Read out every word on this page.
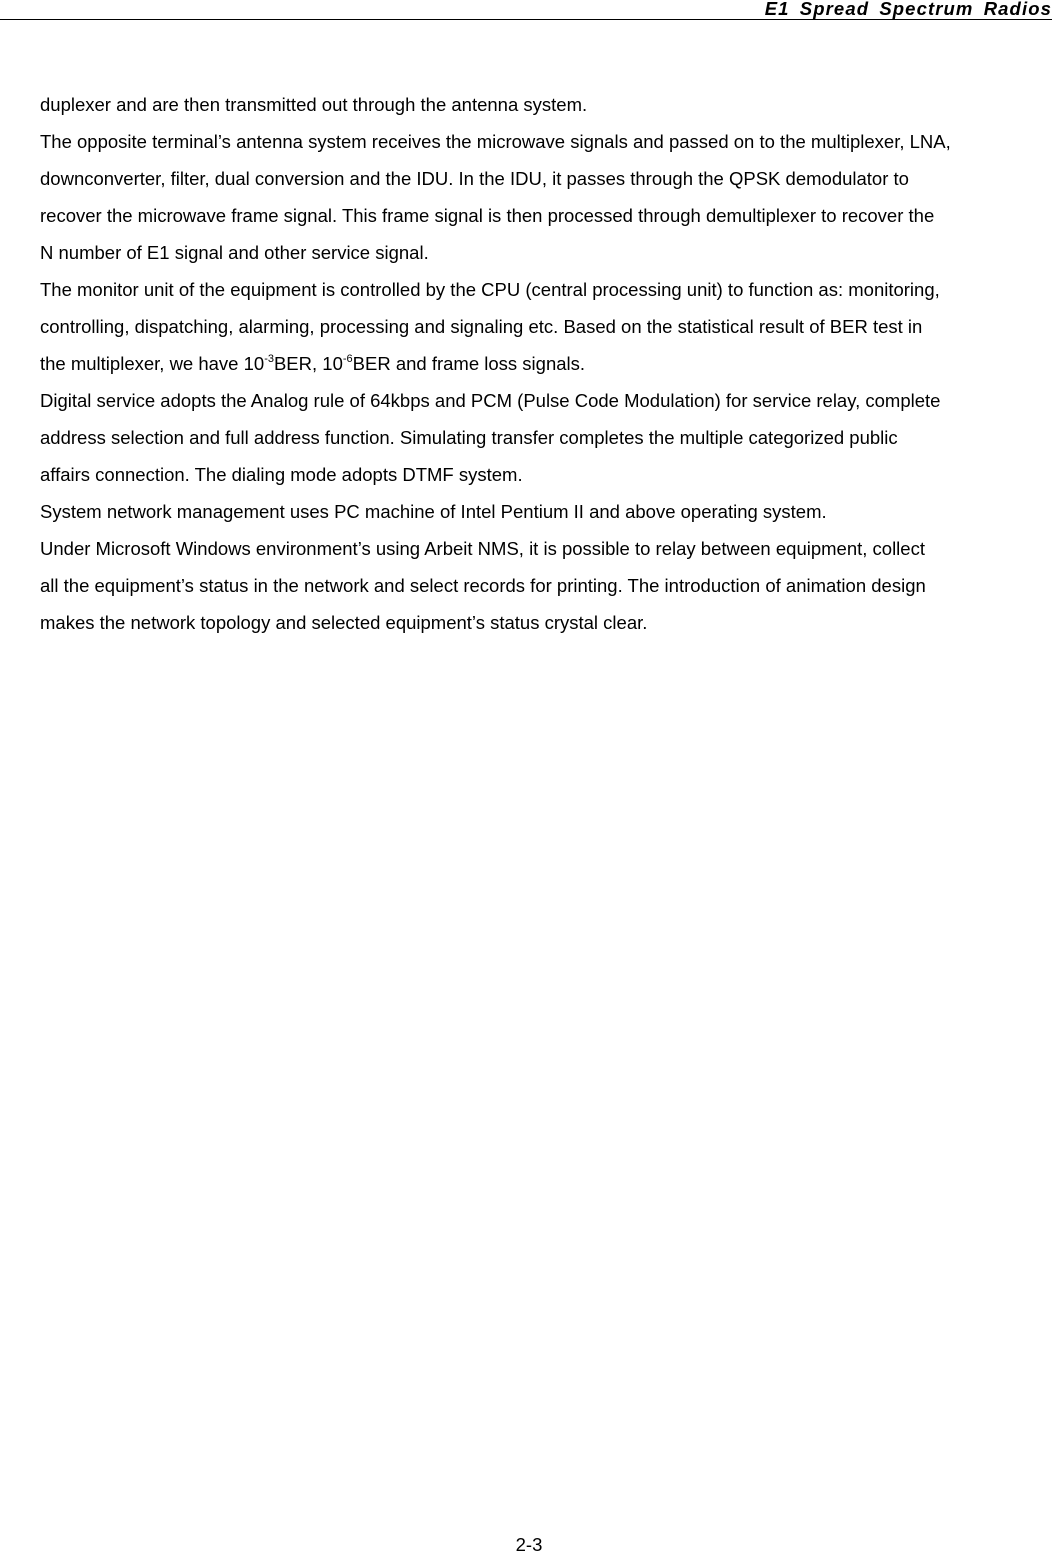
E1 Spread Spectrum Radios
duplexer and are then transmitted out through the antenna system.
The opposite terminal’s antenna system receives the microwave signals and passed on to the multiplexer, LNA,
downconverter, filter, dual conversion and the IDU. In the IDU, it passes through the QPSK demodulator to
recover the microwave frame signal. This frame signal is then processed through demultiplexer to recover the
N number of E1 signal and other service signal.
The monitor unit of the equipment is controlled by the CPU (central processing unit) to function as: monitoring,
controlling, dispatching, alarming, processing and signaling etc. Based on the statistical result of BER test in
the multiplexer, we have $10^{-3}BER$, $10^{-6}BER$ and frame loss signals.
Digital service adopts the Analog rule of 64kbps and PCM (Pulse Code Modulation) for service relay, complete
address selection and full address function. Simulating transfer completes the multiple categorized public
affairs connection. The dialing mode adopts DTMF system.
System network management uses PC machine of Intel Pentium II and above operating system.
Under Microsoft Windows environment’s using Arbeit NMS, it is possible to relay between equipment, collect
all the equipment’s status in the network and select records for printing. The introduction of animation design
makes the network topology and selected equipment’s status crystal clear.
2-3
